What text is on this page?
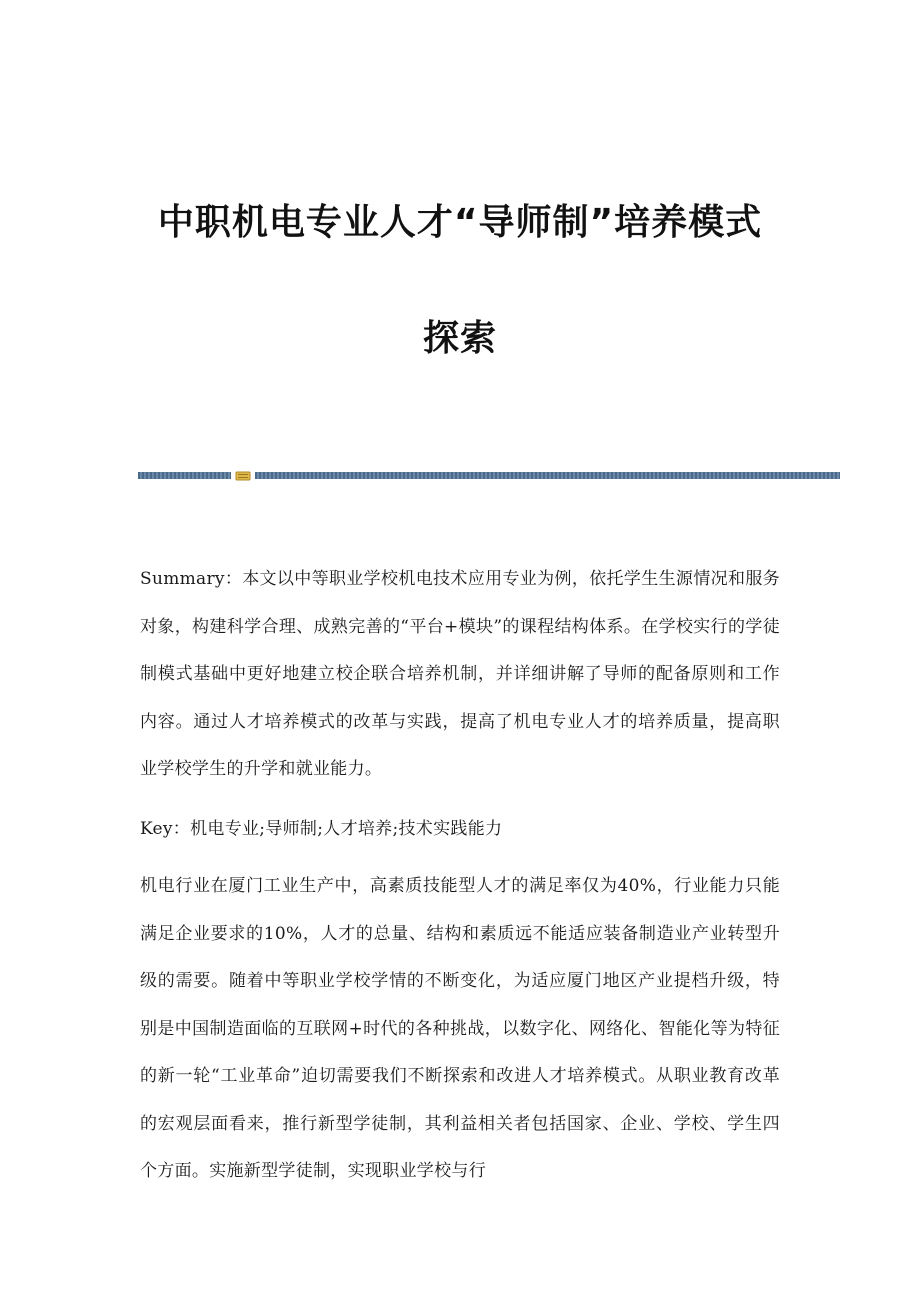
中职机电专业人才“导师制”培养模式
探索

Summary：本文以中等职业学校机电技术应用专业为例，依托学生生源情况和服务对象，构建科学合理、成熟完善的“平台+模块”的课程结构体系。在学校实行的学徒制模式基础中更好地建立校企联合培养机制，并详细讲解了导师的配备原则和工作内容。通过人才培养模式的改革与实践，提高了机电专业人才的培养质量，提高职业学校学生的升学和就业能力。

Key：机电专业;导师制;人才培养;技术实践能力

机电行业在厦门工业生产中，高素质技能型人才的满足率仅为40%，行业能力只能满足企业要求的10%，人才的总量、结构和素质远不能适应装备制造业产业转型升级的需要。随着中等职业学校学情的不断变化，为适应厦门地区产业提档升级，特别是中国制造面临的互联网+时代的各种挑战，以数字化、网络化、智能化等为特征的新一轮“工业革命”迫切需要我们不断探索和改进人才培养模式。从职业教育改革的宏观层面看来，推行新型学徒制，其利益相关者包括国家、企业、学校、学生四个方面。实施新型学徒制，实现职业学校与行
